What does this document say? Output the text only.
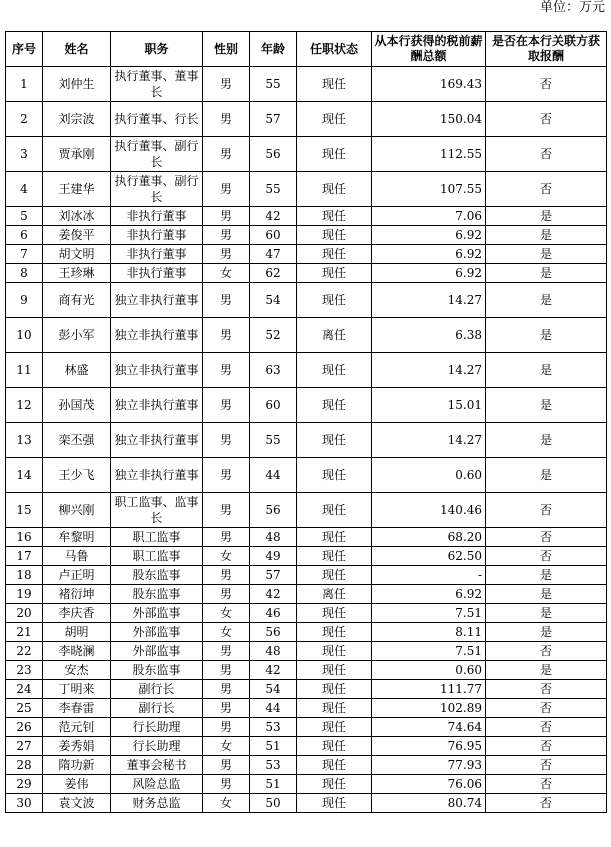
单位：万元
序号	姓名	职务	性别	年龄	任职状态	从本行获得的税前薪酬总额	是否在本行关联方获取报酬
1	刘仲生	执行董事、董事长	男	55	现任	169.43	否
2	刘宗波	执行董事、行长	男	57	现任	150.04	否
3	贾承刚	执行董事、副行长	男	56	现任	112.55	否
4	王建华	执行董事、副行长	男	55	现任	107.55	否
5	刘冰冰	非执行董事	男	42	现任	7.06	是
6	姜俊平	非执行董事	男	60	现任	6.92	是
7	胡文明	非执行董事	男	47	现任	6.92	是
8	王珍琳	非执行董事	女	62	现任	6.92	是
9	商有光	独立非执行董事	男	54	现任	14.27	是
10	彭小军	独立非执行董事	男	52	离任	6.38	是
11	林盛	独立非执行董事	男	63	现任	14.27	是
12	孙国茂	独立非执行董事	男	60	现任	15.01	是
13	栾丕强	独立非执行董事	男	55	现任	14.27	是
14	王少飞	独立非执行董事	男	44	现任	0.60	是
15	柳兴刚	职工监事、监事长	男	56	现任	140.46	否
16	牟黎明	职工监事	男	48	现任	68.20	否
17	马鲁	职工监事	女	49	现任	62.50	否
18	卢正明	股东监事	男	57	现任	-	是
19	褚衍坤	股东监事	男	42	离任	6.92	是
20	李庆香	外部监事	女	46	现任	7.51	是
21	胡明	外部监事	女	56	现任	8.11	是
22	李晓澜	外部监事	男	48	现任	7.51	否
23	安杰	股东监事	男	42	现任	0.60	是
24	丁明来	副行长	男	54	现任	111.77	否
25	李春雷	副行长	男	44	现任	102.89	否
26	范元钊	行长助理	男	53	现任	74.64	否
27	姜秀娟	行长助理	女	51	现任	76.95	否
28	隋功新	董事会秘书	男	53	现任	77.93	否
29	姜伟	风险总监	男	51	现任	76.06	否
30	袁文波	财务总监	女	50	现任	80.74	否
